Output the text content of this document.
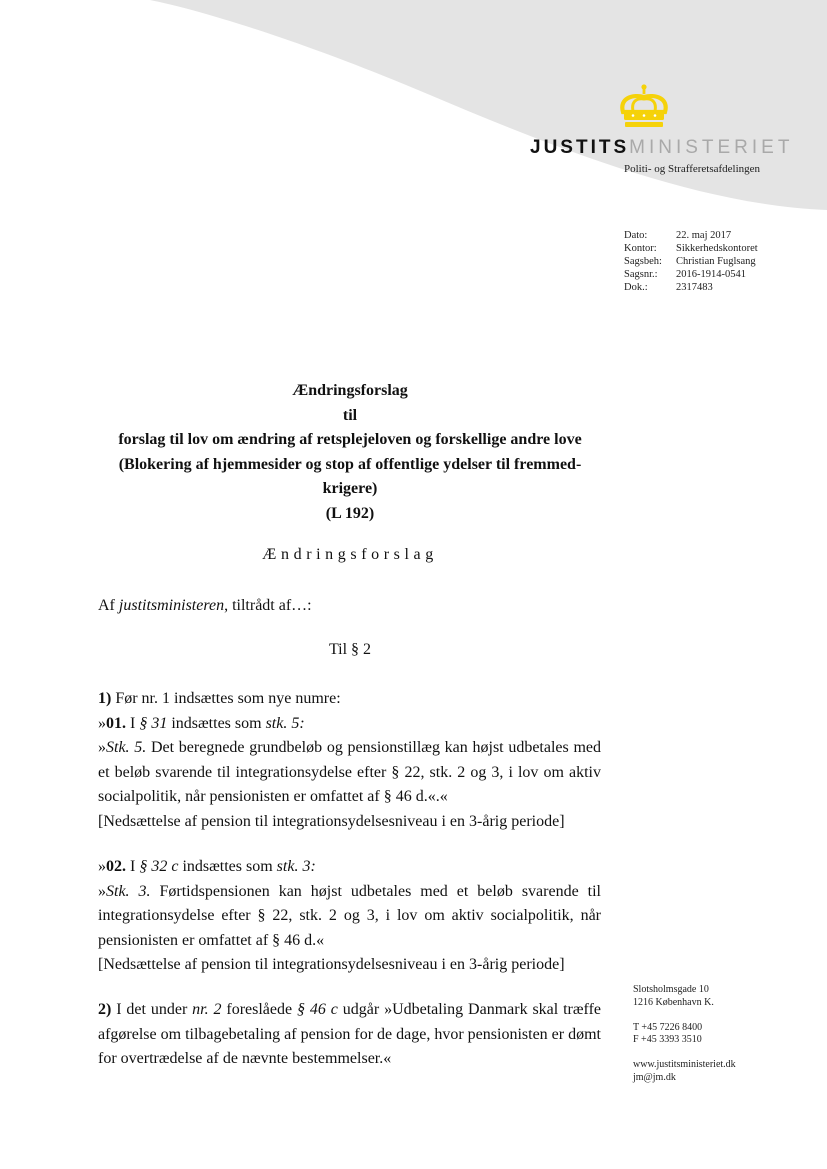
JUSTITSMINISTERIET
Politi- og Strafferetsafdelingen
Dato:	22. maj 2017
Kontor:	Sikkerhedskontoret
Sagsbeh:	Christian Fuglsang
Sagsnr.:	2016-1914-0541
Dok.:	2317483
Ændringsforslag
til
forslag til lov om ændring af retsplejeloven og forskellige andre love
(Blokering af hjemmesider og stop af offentlige ydelser til fremmed-
krigere)
(L 192)
Ændringsforslag
Af justitsministeren, tiltrådt af…:
Til § 2
1) Før nr. 1 indsættes som nye numre:
»01. I § 31 indsættes som stk. 5:
»Stk. 5. Det beregnede grundbeløb og pensionstillæg kan højst udbetales med et beløb svarende til integrationsydelse efter § 22, stk. 2 og 3, i lov om aktiv socialpolitik, når pensionisten er omfattet af § 46 d.«.«
[Nedsættelse af pension til integrationsydelsesniveau i en 3-årig periode]
»02. I § 32 c indsættes som stk. 3:
»Stk. 3. Førtidspensionen kan højst udbetales med et beløb svarende til integrationsydelse efter § 22, stk. 2 og 3, i lov om aktiv socialpolitik, når pensionisten er omfattet af § 46 d.«
[Nedsættelse af pension til integrationsydelsesniveau i en 3-årig periode]
2) I det under nr. 2 foreslåede § 46 c udgår »Udbetaling Danmark skal træffe afgørelse om tilbagebetaling af pension for de dage, hvor pensionisten er dømt for overtrædelse af de nævnte bestemmelser.«
Slotsholmsgade 10
1216 København K.
T +45 7226 8400
F +45 3393 3510
www.justitsministeriet.dk
jm@jm.dk
